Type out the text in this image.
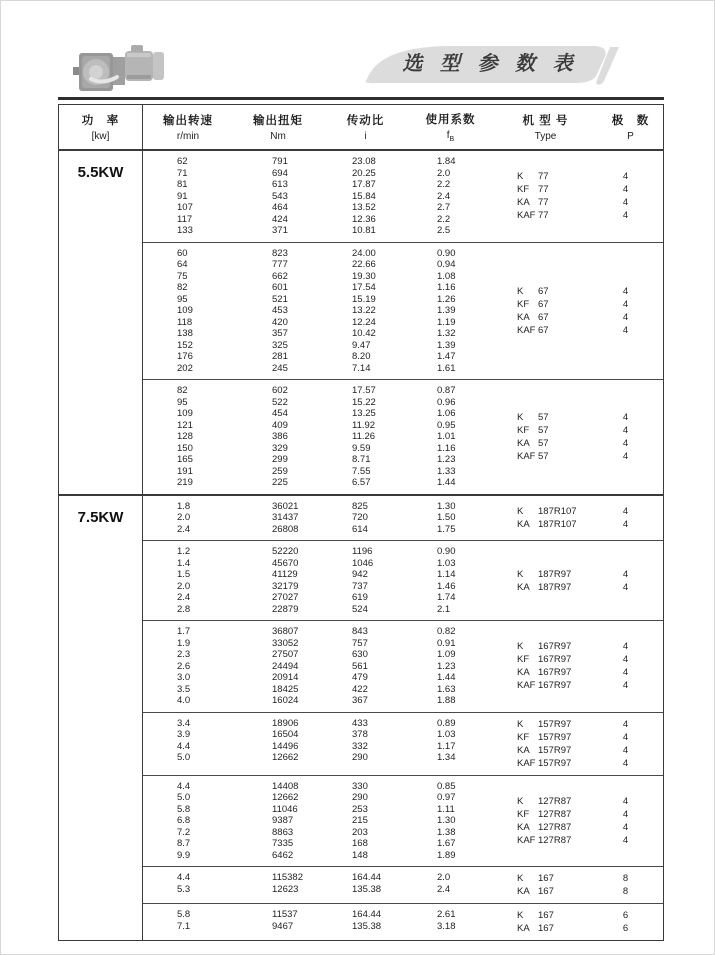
选 型 参 数 表
功　率
[kw]
输出转速
r/min
输出扭矩
Nm
传动比
i
使用系数
$f_B$
机 型 号
Type
极　数
P
5.5KW
62
71
81
91
107
117
133
791
694
613
543
464
424
371
23.08
20.25
17.87
15.84
13.52
12.36
10.81
1.84
2.0
2.2
2.4
2.7
2.2
2.5
K 77
KF 77
KA 77
KAF 77
4
4
4
4
60
64
75
82
95
109
118
138
152
176
202
823
777
662
601
521
453
420
357
325
281
245
24.00
22.66
19.30
17.54
15.19
13.22
12.24
10.42
9.47
8.20
7.14
0.90
0.94
1.08
1.16
1.26
1.39
1.19
1.32
1.39
1.47
1.61
K 67
KF 67
KA 67
KAF 67
4
4
4
4
82
95
109
121
128
150
165
191
219
602
522
454
409
386
329
299
259
225
17.57
15.22
13.25
11.92
11.26
9.59
8.71
7.55
6.57
0.87
0.96
1.06
0.95
1.01
1.16
1.23
1.33
1.44
K 57
KF 57
KA 57
KAF 57
4
4
4
4
7.5KW
1.8
2.0
2.4
36021
31437
26808
825
720
614
1.30
1.50
1.75
K 187R107
KA 187R107
4
4
1.2
1.4
1.5
2.0
2.4
2.8
52220
45670
41129
32179
27027
22879
1196
1046
942
737
619
524
0.90
1.03
1.14
1.46
1.74
2.1
K 187R97
KA 187R97
4
4
1.7
1.9
2.3
2.6
3.0
3.5
4.0
36807
33052
27507
24494
20914
18425
16024
843
757
630
561
479
422
367
0.82
0.91
1.09
1.23
1.44
1.63
1.88
K 167R97
KF 167R97
KA 167R97
KAF 167R97
4
4
4
4
3.4
3.9
4.4
5.0
18906
16504
14496
12662
433
378
332
290
0.89
1.03
1.17
1.34
K 157R97
KF 157R97
KA 157R97
KAF 157R97
4
4
4
4
4.4
5.0
5.8
6.8
7.2
8.7
9.9
14408
12662
11046
9387
8863
7335
6462
330
290
253
215
203
168
148
0.85
0.97
1.11
1.30
1.38
1.67
1.89
K 127R87
KF 127R87
KA 127R87
KAF 127R87
4
4
4
4
4.4
5.3
115382
12623
164.44
135.38
2.0
2.4
K 167
KA 167
8
8
5.8
7.1
11537
9467
164.44
135.38
2.61
3.18
K 167
KA 167
6
6
